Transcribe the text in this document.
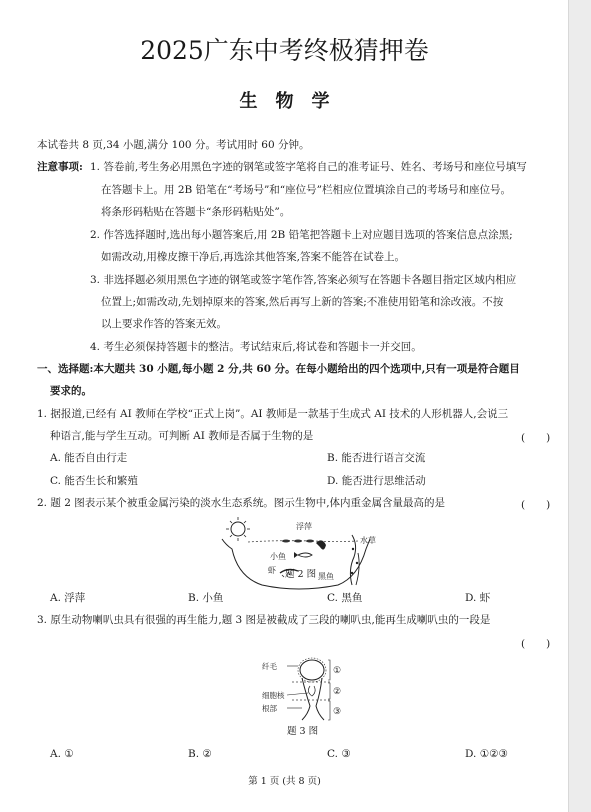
2025广东中考终极猜押卷
生　物　学
本试卷共 8 页,34 小题,满分 100 分。考试用时 60 分钟。
注意事项: 1. 答卷前,考生务必用黑色字迹的钢笔或签字笔将自己的准考证号、姓名、考场号和座位号填写
在答题卡上。用 2B 铅笔在“考场号”和“座位号”栏相应位置填涂自己的考场号和座位号。
将条形码粘贴在答题卡“条形码粘贴处”。
2. 作答选择题时,选出每小题答案后,用 2B 铅笔把答题卡上对应题目选项的答案信息点涂黑;
如需改动,用橡皮擦干净后,再选涂其他答案,答案不能答在试卷上。
3. 非选择题必须用黑色字迹的钢笔或签字笔作答,答案必须写在答题卡各题目指定区域内相应
位置上;如需改动,先划掉原来的答案,然后再写上新的答案;不准使用铅笔和涂改液。不按
以上要求作答的答案无效。
4. 考生必须保持答题卡的整洁。考试结束后,将试卷和答题卡一并交回。
一、选择题:本大题共 30 小题,每小题 2 分,共 60 分。在每小题给出的四个选项中,只有一项是符合题目
要求的。
1. 据报道,已经有 AI 教师在学校“正式上岗”。AI 教师是一款基于生成式 AI 技术的人形机器人,会说三
种语言,能与学生互动。可判断 AI 教师是否属于生物的是	(　　)
A. 能否自由行走	B. 能否进行语言交流
C. 能否生长和繁殖	D. 能否进行思维活动
2. 题 2 图表示某个被重金属污染的淡水生态系统。图示生物中,体内重金属含量最高的是	(　　)
浮萍
小鱼
虾
黑鱼
水草
题 2 图
A. 浮萍	B. 小鱼	C. 黑鱼	D. 虾
3. 原生动物喇叭虫具有很强的再生能力,题 3 图是被截成了三段的喇叭虫,能再生成喇叭虫的一段是
(　　)
①
②
③
纤毛
细胞核
根部
题 3 图
A. ①	B. ②	C. ③	D. ①②③
第 1 页 (共 8 页)
